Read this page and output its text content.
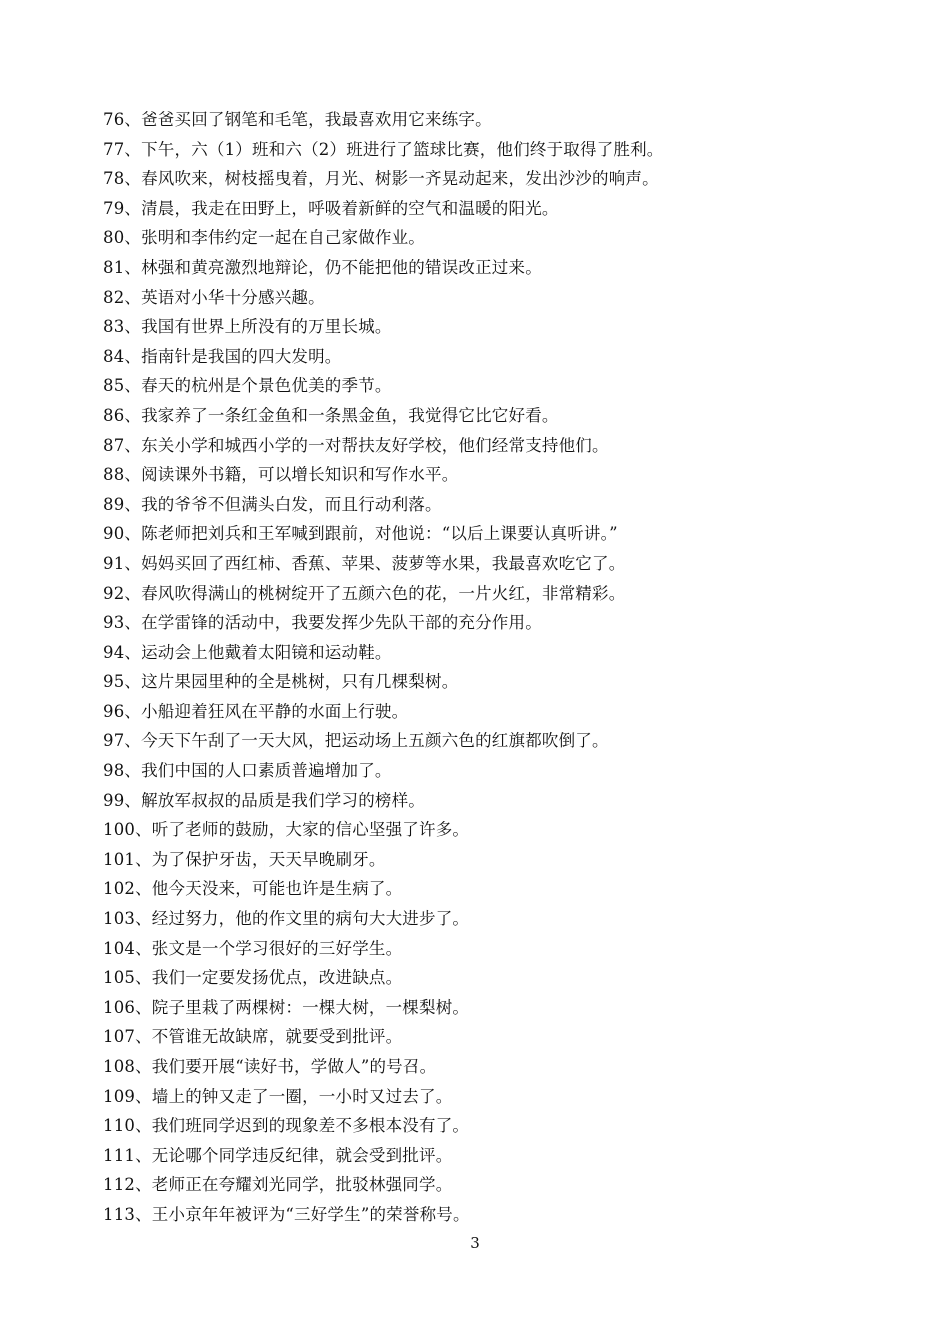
76、爸爸买回了钢笔和毛笔，我最喜欢用它来练字。
77、下午，六（1）班和六（2）班进行了篮球比赛，他们终于取得了胜利。
78、春风吹来，树枝摇曳着，月光、树影一齐晃动起来，发出沙沙的响声。
79、清晨，我走在田野上，呼吸着新鲜的空气和温暖的阳光。
80、张明和李伟约定一起在自己家做作业。
81、林强和黄亮激烈地辩论，仍不能把他的错误改正过来。
82、英语对小华十分感兴趣。
83、我国有世界上所没有的万里长城。
84、指南针是我国的四大发明。
85、春天的杭州是个景色优美的季节。
86、我家养了一条红金鱼和一条黑金鱼，我觉得它比它好看。
87、东关小学和城西小学的一对帮扶友好学校，他们经常支持他们。
88、阅读课外书籍，可以增长知识和写作水平。
89、我的爷爷不但满头白发，而且行动利落。
90、陈老师把刘兵和王军喊到跟前，对他说：“以后上课要认真听讲。”
91、妈妈买回了西红柿、香蕉、苹果、菠萝等水果，我最喜欢吃它了。
92、春风吹得满山的桃树绽开了五颜六色的花，一片火红，非常精彩。
93、在学雷锋的活动中，我要发挥少先队干部的充分作用。
94、运动会上他戴着太阳镜和运动鞋。
95、这片果园里种的全是桃树，只有几棵梨树。
96、小船迎着狂风在平静的水面上行驶。
97、今天下午刮了一天大风，把运动场上五颜六色的红旗都吹倒了。
98、我们中国的人口素质普遍增加了。
99、解放军叔叔的品质是我们学习的榜样。
100、听了老师的鼓励，大家的信心坚强了许多。
101、为了保护牙齿，天天早晚刷牙。
102、他今天没来，可能也许是生病了。
103、经过努力，他的作文里的病句大大进步了。
104、张文是一个学习很好的三好学生。
105、我们一定要发扬优点，改进缺点。
106、院子里栽了两棵树：一棵大树，一棵梨树。
107、不管谁无故缺席，就要受到批评。
108、我们要开展“读好书，学做人”的号召。
109、墙上的钟又走了一圈，一小时又过去了。
110、我们班同学迟到的现象差不多根本没有了。
111、无论哪个同学违反纪律，就会受到批评。
112、老师正在夸耀刘光同学，批驳林强同学。
113、王小京年年被评为“三好学生”的荣誉称号。
3
